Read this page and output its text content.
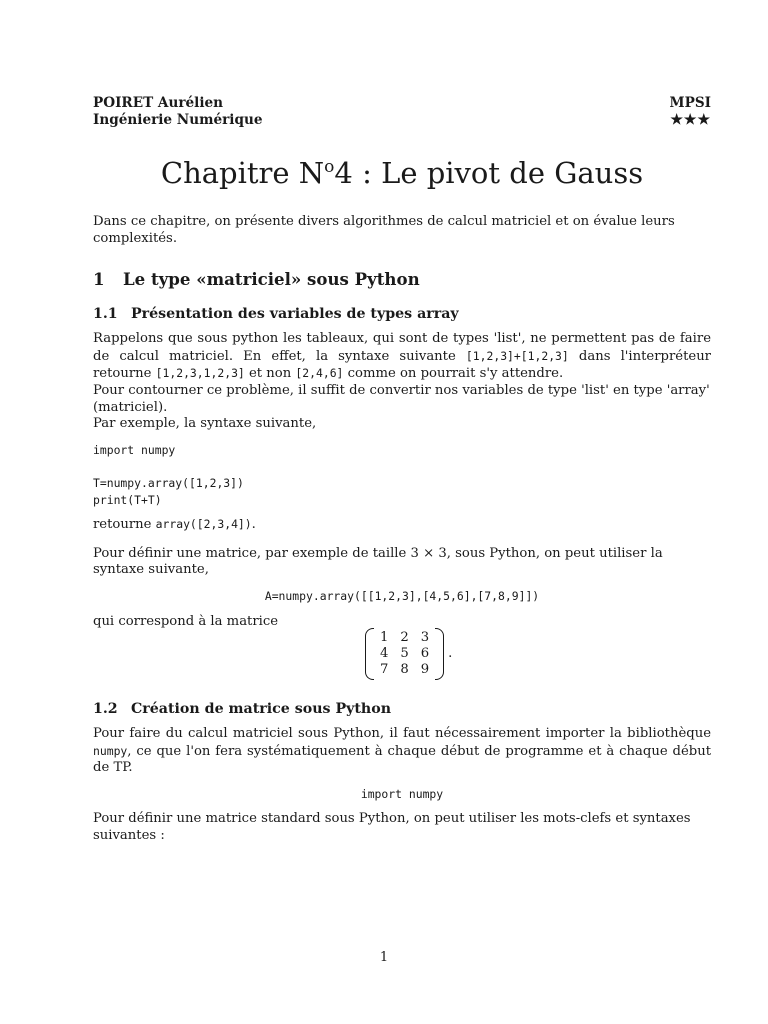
POIRET Aurélien
Ingénierie Numérique
MPSI
★★★
Chapitre $N^o4$ : Le pivot de Gauss

Dans ce chapitre, on présente divers algorithmes de calcul matriciel et on évalue leurs complexités.

1 Le type «matriciel» sous Python
1.1 Présentation des variables de types array

Rappelons que sous python les tableaux, qui sont de types 'list', ne permettent pas de faire de calcul matriciel. En effet, la syntaxe suivante [1,2,3]+[1,2,3] dans l'interpréteur retourne [1,2,3,1,2,3] et non [2,4,6] comme on pourrait s'y attendre.

Pour contourner ce problème, il suffit de convertir nos variables de type 'list' en type 'array' (matriciel).

Par exemple, la syntaxe suivante,

import numpy
T=numpy.array([1,2,3])
print(T+T)

retourne array([2,3,4]).

Pour définir une matrice, par exemple de taille 3 × 3, sous Python, on peut utiliser la syntaxe suivante,

A=numpy.array([[1,2,3],[4,5,6],[7,8,9]])

qui correspond à la matrice

1	2	3
4	5	6
7	8	9
.
1.2 Création de matrice sous Python

Pour faire du calcul matriciel sous Python, il faut nécessairement importer la bibliothèque numpy, ce que l'on fera systématiquement à chaque début de programme et à chaque début de TP.

import numpy

Pour définir une matrice standard sous Python, on peut utiliser les mots-clefs et syntaxes suivantes :

1
